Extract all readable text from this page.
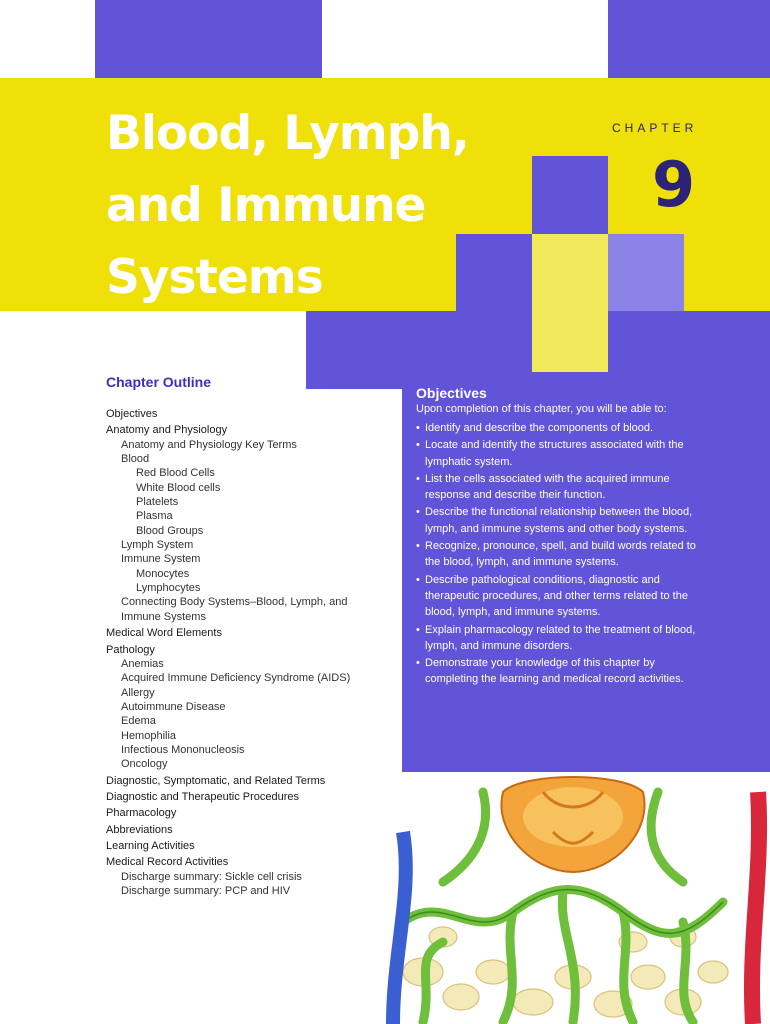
Blood, Lymph,
and Immune
Systems
CHAPTER
9
Objectives
Upon completion of this chapter, you will be able to:
• Identify and describe the components of blood.
• Locate and identify the structures associated with the lymphatic system.
• List the cells associated with the acquired immune response and describe their function.
• Describe the functional relationship between the blood, lymph, and immune systems and other body systems.
• Recognize, pronounce, spell, and build words related to the blood, lymph, and immune systems.
• Describe pathological conditions, diagnostic and therapeutic procedures, and other terms related to the blood, lymph, and immune systems.
• Explain pharmacology related to the treatment of blood, lymph, and immune disorders.
• Demonstrate your knowledge of this chapter by completing the learning and medical record activities.
Chapter Outline
Objectives
Anatomy and Physiology
Anatomy and Physiology Key Terms
Blood
Red Blood Cells
White Blood cells
Platelets
Plasma
Blood Groups
Lymph System
Immune System
Monocytes
Lymphocytes
Connecting Body Systems–Blood, Lymph, and
Immune Systems
Medical Word Elements
Pathology
Anemias
Acquired Immune Deficiency Syndrome (AIDS)
Allergy
Autoimmune Disease
Edema
Hemophilia
Infectious Mononucleosis
Oncology
Diagnostic, Symptomatic, and Related Terms
Diagnostic and Therapeutic Procedures
Pharmacology
Abbreviations
Learning Activities
Medical Record Activities
Discharge summary: Sickle cell crisis
Discharge summary: PCP and HIV
